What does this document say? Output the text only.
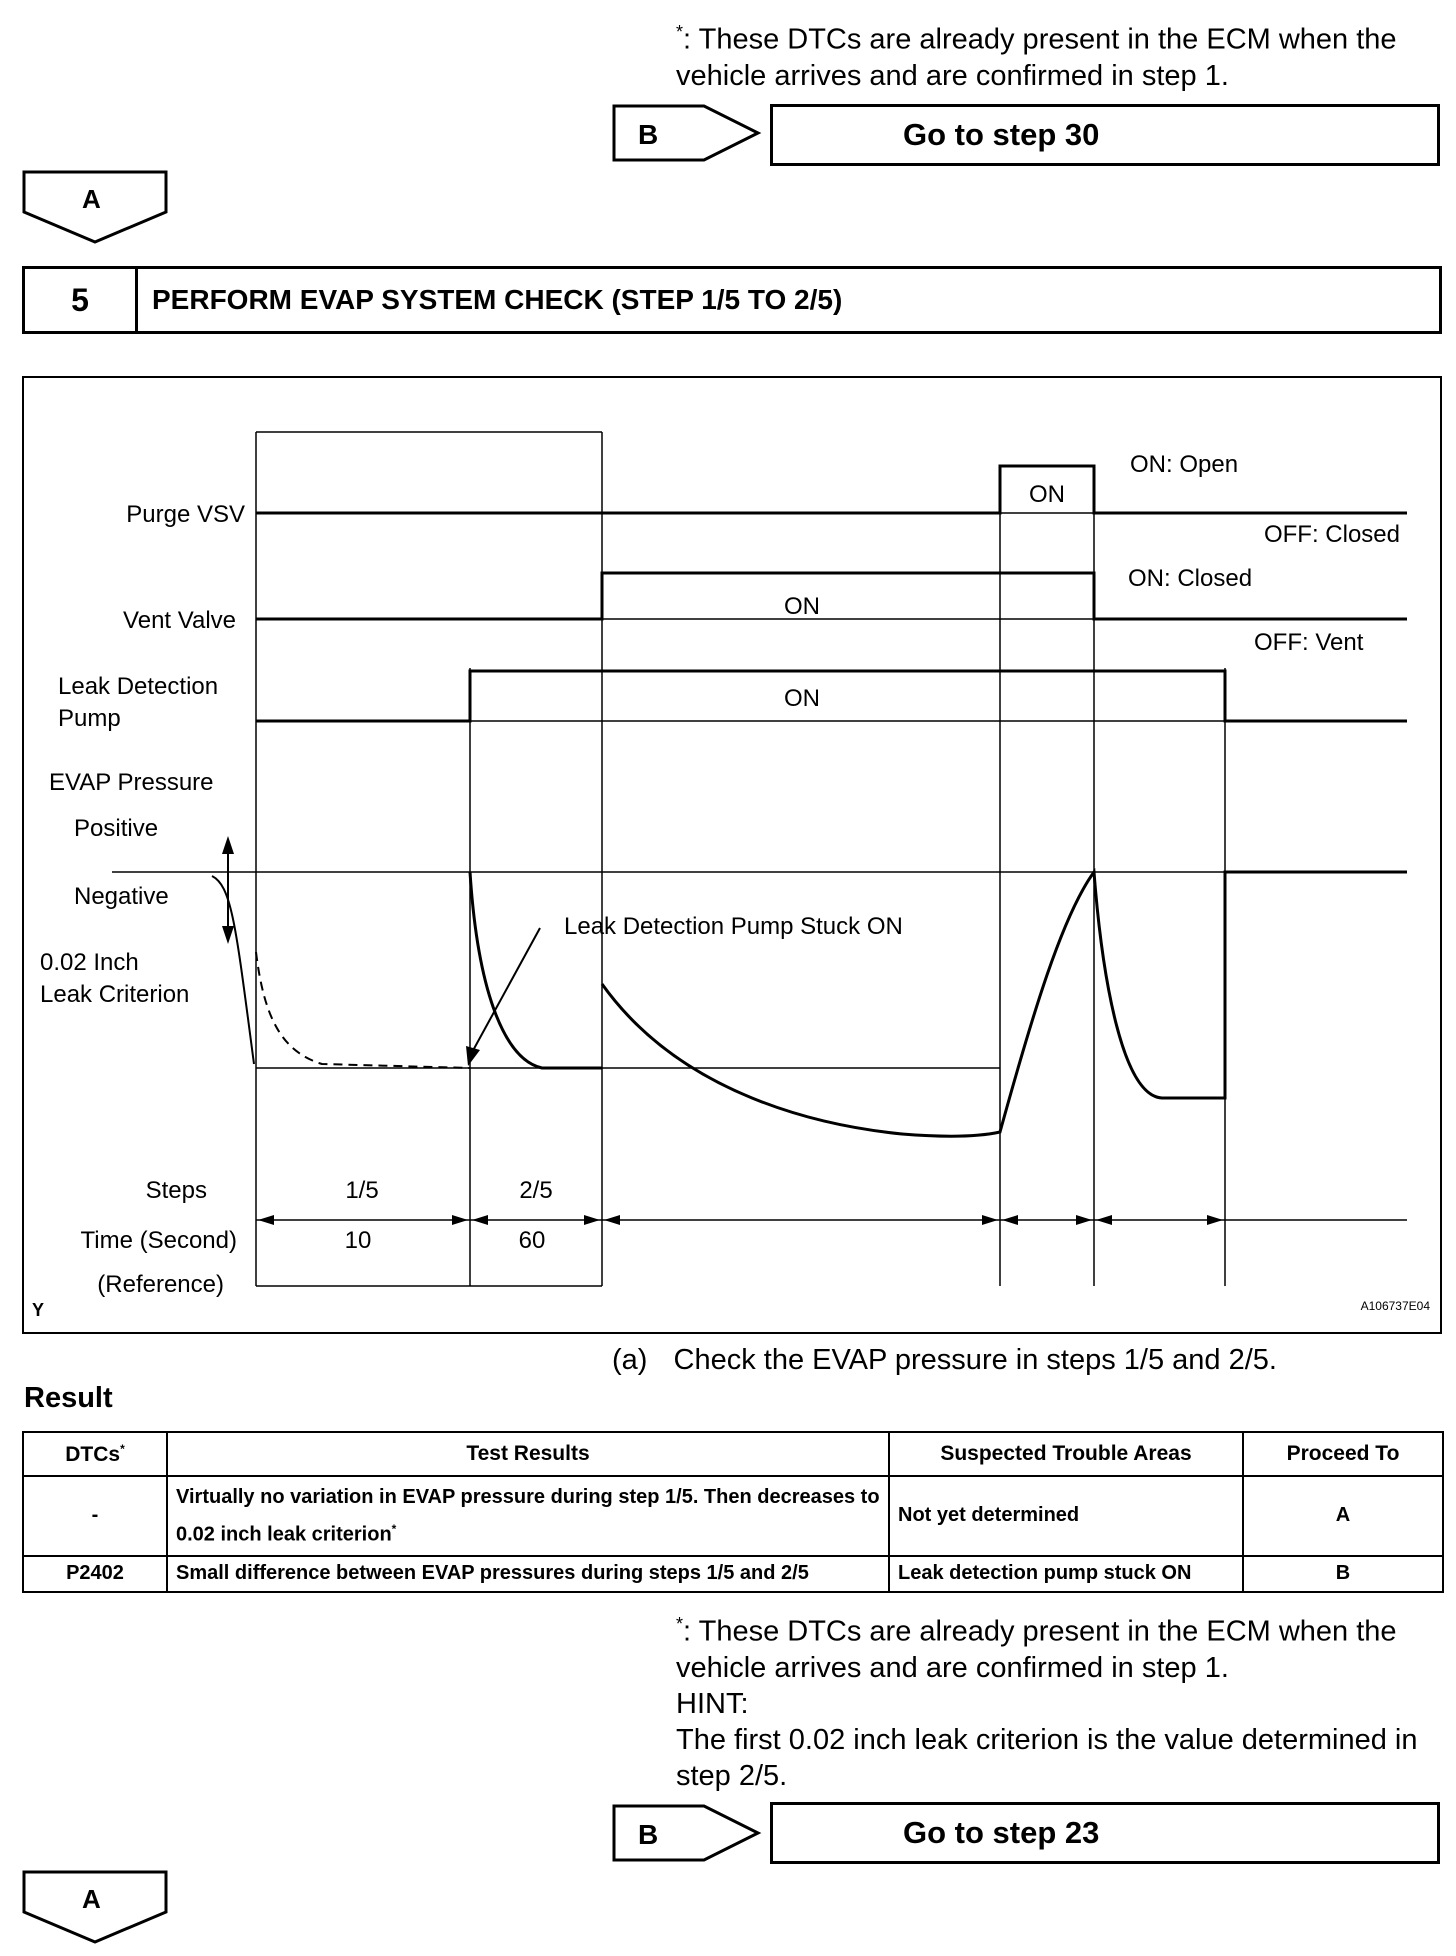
*: These DTCs are already present in the ECM when the vehicle arrives and are confirmed in step 1.
B	Go to step 30
A
5	PERFORM EVAP SYSTEM CHECK (STEP 1/5 TO 2/5)
Purge VSV
Vent Valve
Leak Detection
Pump
EVAP Pressure
Positive
Negative
0.02 Inch
Leak Criterion
Leak Detection Pump Stuck ON
ON: Open
OFF: Closed
ON: Closed
OFF: Vent
ON
ON
ON
Steps
Time (Second)
(Reference)
1/5	2/5
10	60
Y	A106737E04
(a) Check the EVAP pressure in steps 1/5 and 2/5.
Result
DTCs*	Test Results	Suspected Trouble Areas	Proceed To
-	Virtually no variation in EVAP pressure during step 1/5. Then decreases to 0.02 inch leak criterion*	Not yet determined	A
P2402	Small difference between EVAP pressures during steps 1/5 and 2/5	Leak detection pump stuck ON	B
*: These DTCs are already present in the ECM when the vehicle arrives and are confirmed in step 1.
HINT:
The first 0.02 inch leak criterion is the value determined in step 2/5.
B	Go to step 23
A
